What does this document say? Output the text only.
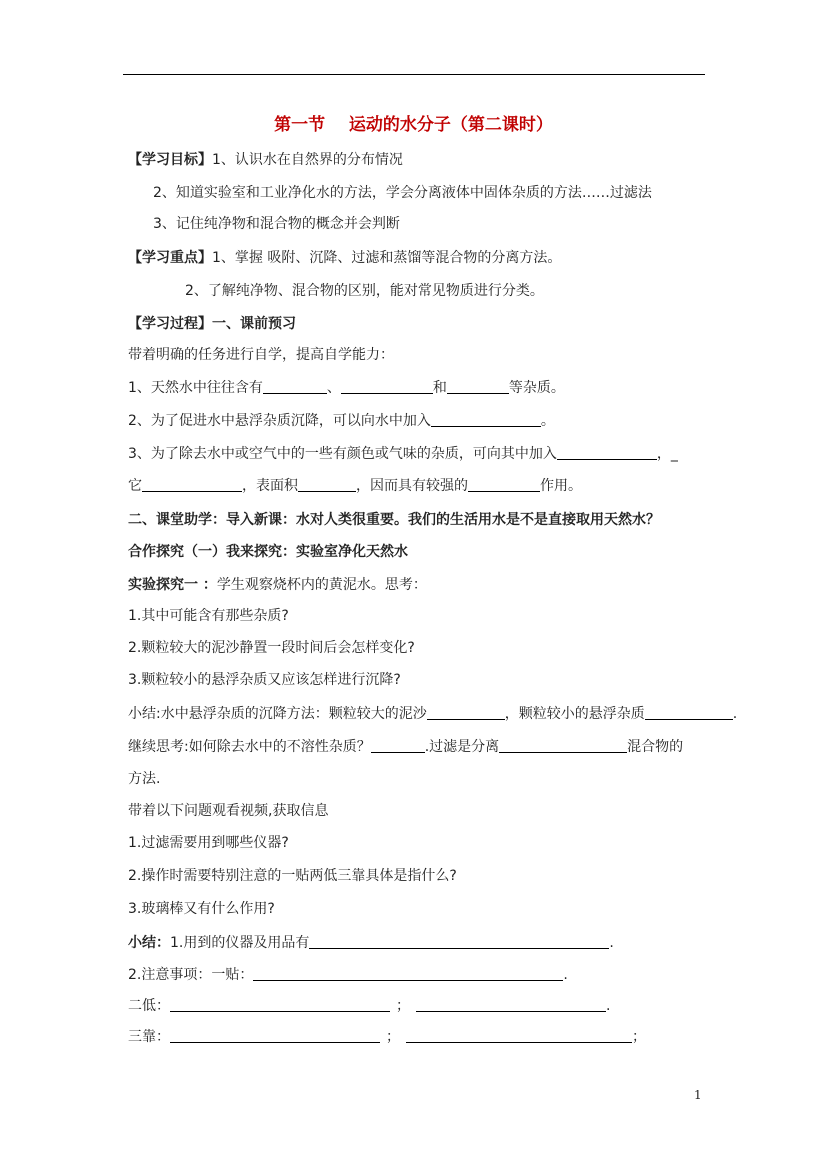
第一节    运动的水分子（第二课时）
【学习目标】1、认识水在自然界的分布情况
2、知道实验室和工业净化水的方法，学会分离液体中固体杂质的方法……过滤法
3、记住纯净物和混合物的概念并会判断
【学习重点】1、掌握 吸附、沉降、过滤和蒸馏等混合物的分离方法。
2、了解纯净物、混合物的区别，能对常见物质进行分类。
【学习过程】一、课前预习
带着明确的任务进行自学，提高自学能力：
1、天然水中往往含有	、	和	等杂质。
2、为了促进水中悬浮杂质沉降，可以向水中加入	。
3、为了除去水中或空气中的一些有颜色或气味的杂质，可向其中加入	，_
它	，表面积	，因而具有较强的	作用。
二、课堂助学：导入新课：水对人类很重要。我们的生活用水是不是直接取用天然水？
合作探究（一）我来探究：实验室净化天然水
实验探究一 ：学生观察烧杯内的黄泥水。思考：
1.其中可能含有那些杂质?
2.颗粒较大的泥沙静置一段时间后会怎样变化?
3.颗粒较小的悬浮杂质又应该怎样进行沉降?
小结:水中悬浮杂质的沉降方法：颗粒较大的泥沙	，颗粒较小的悬浮杂质	.
继续思考:如何除去水中的不溶性杂质？	.过滤是分离	混合物的
方法.
带着以下问题观看视频,获取信息
1.过滤需要用到哪些仪器?
2.操作时需要特别注意的一贴两低三靠具体是指什么?
3.玻璃棒又有什么作用?
小结：1.用到的仪器及用品有	.
2.注意事项：一贴：	.
二低：	；	.
三靠：	；	；
1
